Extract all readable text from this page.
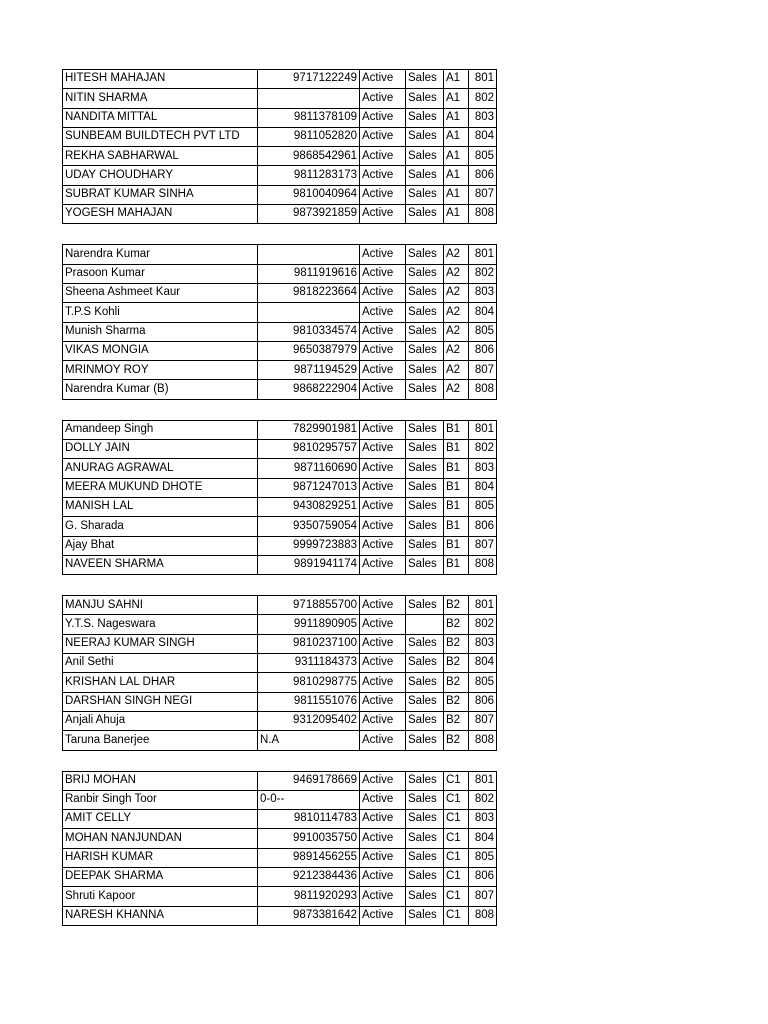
HITESH MAHAJAN	9717122249	Active	Sales	A1	801
NITIN SHARMA		Active	Sales	A1	802
NANDITA MITTAL	9811378109	Active	Sales	A1	803
SUNBEAM BUILDTECH PVT LTD	9811052820	Active	Sales	A1	804
REKHA SABHARWAL	9868542961	Active	Sales	A1	805
UDAY CHOUDHARY	9811283173	Active	Sales	A1	806
SUBRAT KUMAR SINHA	9810040964	Active	Sales	A1	807
YOGESH MAHAJAN	9873921859	Active	Sales	A1	808
Narendra Kumar		Active	Sales	A2	801
Prasoon Kumar	9811919616	Active	Sales	A2	802
Sheena Ashmeet Kaur	9818223664	Active	Sales	A2	803
T.P.S Kohli		Active	Sales	A2	804
Munish Sharma	9810334574	Active	Sales	A2	805
VIKAS MONGIA	9650387979	Active	Sales	A2	806
MRINMOY ROY	9871194529	Active	Sales	A2	807
Narendra Kumar (B)	9868222904	Active	Sales	A2	808
Amandeep Singh	7829901981	Active	Sales	B1	801
DOLLY JAIN	9810295757	Active	Sales	B1	802
ANURAG AGRAWAL	9871160690	Active	Sales	B1	803
MEERA MUKUND DHOTE	9871247013	Active	Sales	B1	804
MANISH LAL	9430829251	Active	Sales	B1	805
G. Sharada	9350759054	Active	Sales	B1	806
Ajay Bhat	9999723883	Active	Sales	B1	807
NAVEEN SHARMA	9891941174	Active	Sales	B1	808
MANJU SAHNI	9718855700	Active	Sales	B2	801
Y.T.S. Nageswara	9911890905	Active		B2	802
NEERAJ KUMAR SINGH	9810237100	Active	Sales	B2	803
Anil Sethi	9311184373	Active	Sales	B2	804
KRISHAN LAL DHAR	9810298775	Active	Sales	B2	805
DARSHAN SINGH NEGI	9811551076	Active	Sales	B2	806
Anjali Ahuja	9312095402	Active	Sales	B2	807
Taruna Banerjee	N.A	Active	Sales	B2	808
BRIJ MOHAN	9469178669	Active	Sales	C1	801
Ranbir Singh Toor	0-0--	Active	Sales	C1	802
AMIT CELLY	9810114783	Active	Sales	C1	803
MOHAN NANJUNDAN	9910035750	Active	Sales	C1	804
HARISH KUMAR	9891456255	Active	Sales	C1	805
DEEPAK SHARMA	9212384436	Active	Sales	C1	806
Shruti Kapoor	9811920293	Active	Sales	C1	807
NARESH KHANNA	9873381642	Active	Sales	C1	808
